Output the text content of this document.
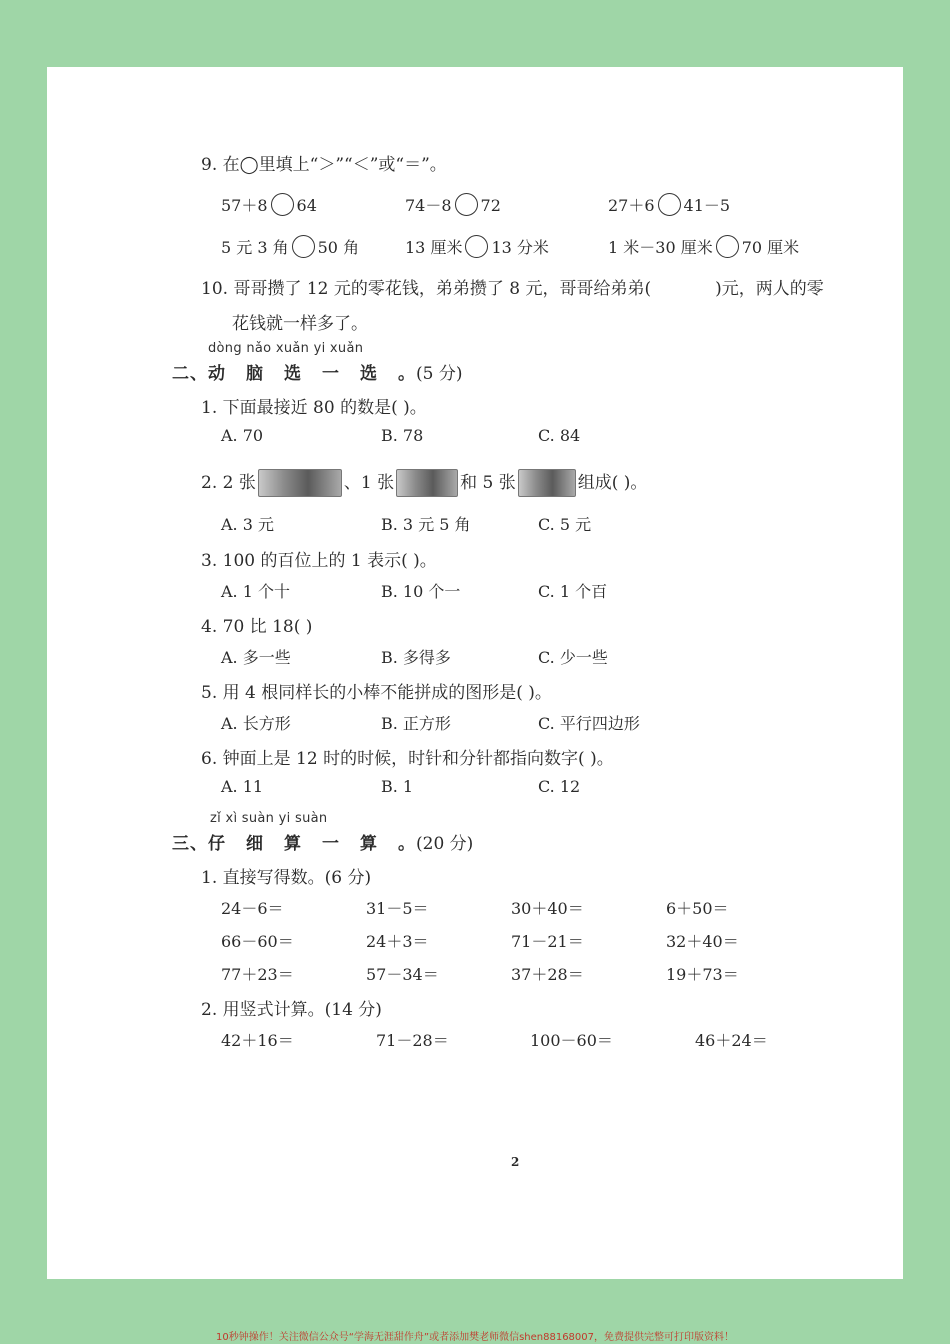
9. 在◯里填上“＞”“＜”或“＝”。
57＋8 64	74－8 72	27＋6 41－5
5 元 3 角 50 角	13 厘米 13 分米	1 米－30 厘米 70 厘米
10. 哥哥攒了 12 元的零花钱，弟弟攒了 8 元，哥哥给弟弟(	)元，两人的零
花钱就一样多了。
dòng nǎo xuǎn yi xuǎn
二、动 脑 选 一 选 。(5 分)
1. 下面最接近 80 的数是( )。
A. 70	B. 78	C. 84
2. 2 张	、1 张	和 5 张	组成( )。
A. 3 元	B. 3 元 5 角	C. 5 元
3. 100 的百位上的 1 表示( )。
A. 1 个十	B. 10 个一	C. 1 个百
4. 70 比 18( )
A. 多一些	B. 多得多	C. 少一些
5. 用 4 根同样长的小棒不能拼成的图形是( )。
A. 长方形	B. 正方形	C. 平行四边形
6. 钟面上是 12 时的时候，时针和分针都指向数字( )。
A. 11	B. 1	C. 12
zǐ xì suàn yi suàn
三、仔 细 算 一 算 。(20 分)
1. 直接写得数。(6 分)
24－6＝	31－5＝	30＋40＝	6＋50＝
66－60＝	24＋3＝	71－21＝	32＋40＝
77＋23＝	57－34＝	37＋28＝	19＋73＝
2. 用竖式计算。(14 分)
42＋16＝	71－28＝	100－60＝	46＋24＝
2
10秒钟操作！关注微信公众号“学海无涯甜作舟”或者添加樊老师微信shen88168007，免费提供完整可打印版资料！
